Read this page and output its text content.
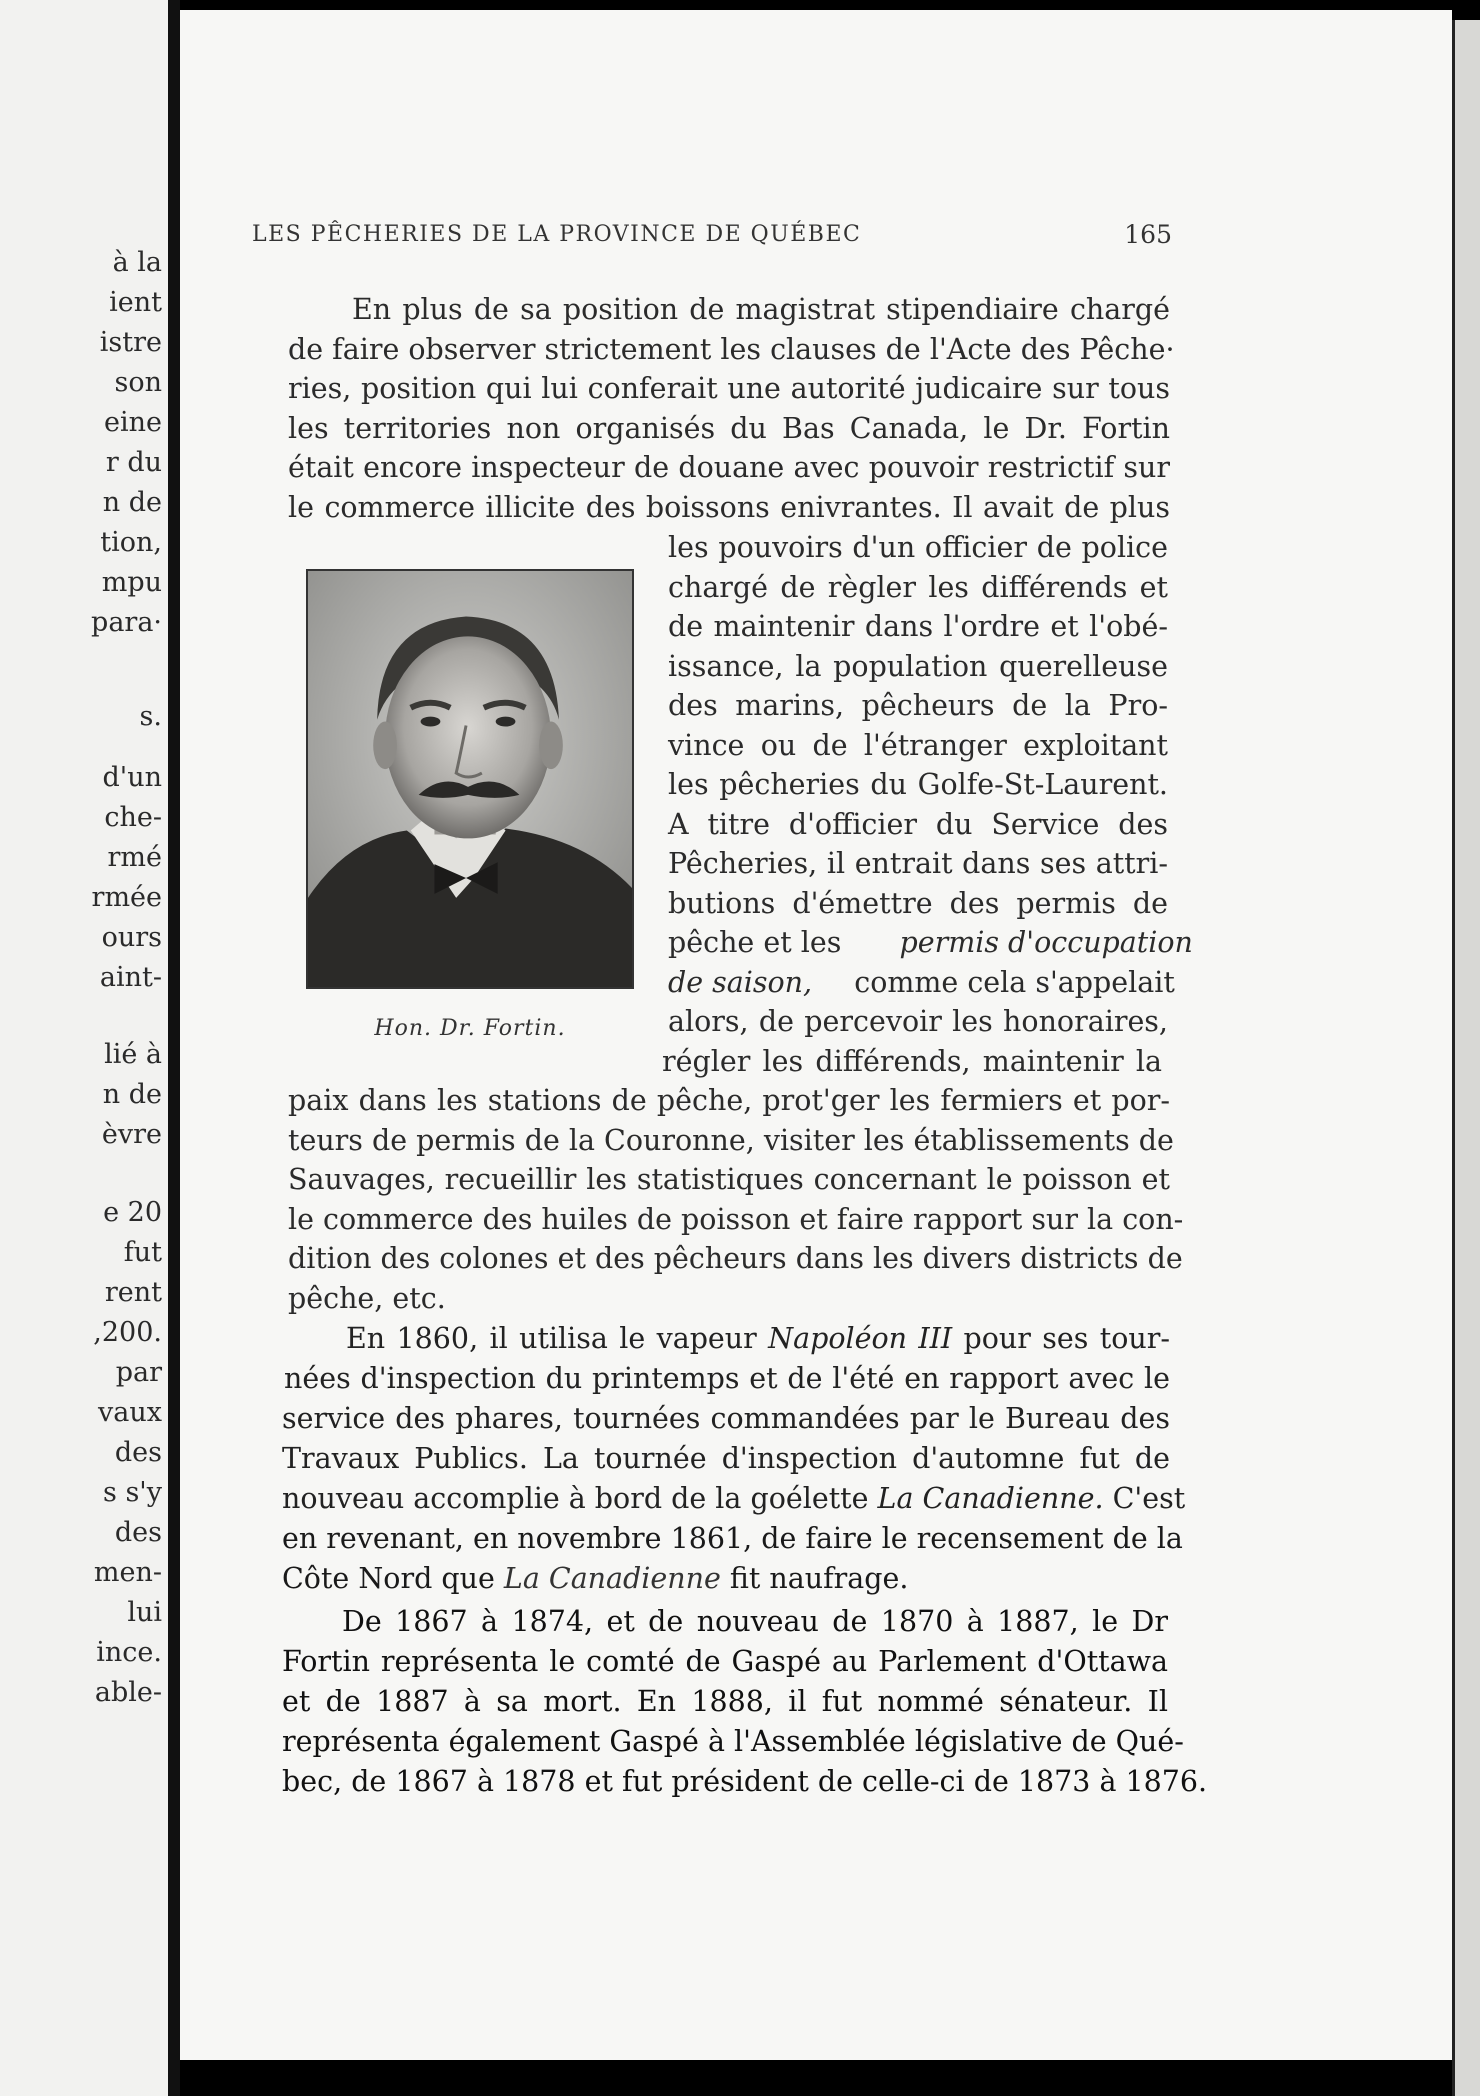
à la
ient
istre
son
eine
r du
n de
tion,
mpu
para·
s.
d'un
che-
rmé
rmée
ours
aint-
lié à
n de
èvre
e 20
fut
rent
,200.
par
vaux
des
s s'y
des
men-
lui
ince.
able-
LES PÊCHERIES DE LA PROVINCE DE QUÉBEC	165
En plus de sa position de magistrat stipendiaire chargé
de faire observer strictement les clauses de l'Acte des Pêche·
ries, position qui lui conferait une autorité judicaire sur tous
les territories non organisés du Bas Canada, le Dr. Fortin
était encore inspecteur de douane avec pouvoir restrictif sur
le commerce illicite des boissons enivrantes. Il avait de plus
les pouvoirs d'un officier de police
chargé de règler les différends et
de maintenir dans l'ordre et l'obé-
issance, la population querelleuse
des marins, pêcheurs de la Pro-
vince ou de l'étranger exploitant
les pêcheries du Golfe-St-Laurent.
A titre d'officier du Service des
Pêcheries, il entrait dans ses attri-
butions d'émettre des permis de
pêche et les permis d'occupation
de saison, comme cela s'appelait
alors, de percevoir les honoraires,
régler les différends, maintenir la
paix dans les stations de pêche, prot'ger les fermiers et por-
teurs de permis de la Couronne, visiter les établissements de
Sauvages, recueillir les statistiques concernant le poisson et
le commerce des huiles de poisson et faire rapport sur la con-
dition des colones et des pêcheurs dans les divers districts de
pêche, etc.
En 1860, il utilisa le vapeur Napoléon III pour ses tour-
nées d'inspection du printemps et de l'été en rapport avec le
service des phares, tournées commandées par le Bureau des
Travaux Publics. La tournée d'inspection d'automne fut de
nouveau accomplie à bord de la goélette La Canadienne. C'est
en revenant, en novembre 1861, de faire le recensement de la
Côte Nord que La Canadienne fit naufrage.
De 1867 à 1874, et de nouveau de 1870 à 1887, le Dr
Fortin représenta le comté de Gaspé au Parlement d'Ottawa
et de 1887 à sa mort. En 1888, il fut nommé sénateur. Il
représenta également Gaspé à l'Assemblée législative de Qué-
bec, de 1867 à 1878 et fut président de celle-ci de 1873 à 1876.
Hon. Dr. Fortin.
